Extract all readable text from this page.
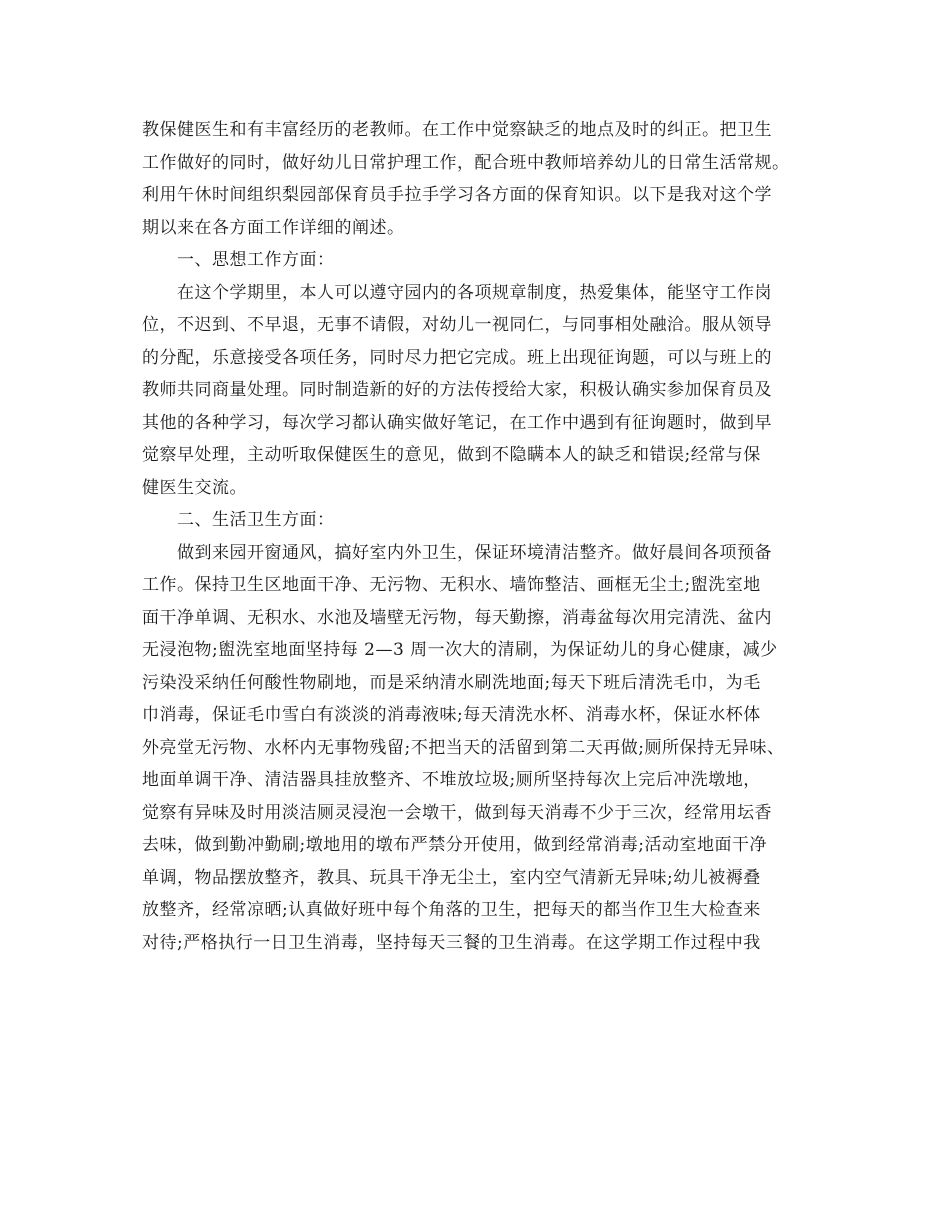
教保健医生和有丰富经历的老教师。在工作中觉察缺乏的地点及时的纠正。把卫生
工作做好的同时，做好幼儿日常护理工作，配合班中教师培养幼儿的日常生活常规。
利用午休时间组织梨园部保育员手拉手学习各方面的保育知识。以下是我对这个学
期以来在各方面工作详细的阐述。
一、思想工作方面：
在这个学期里，本人可以遵守园内的各项规章制度，热爱集体，能坚守工作岗
位，不迟到、不早退，无事不请假，对幼儿一视同仁，与同事相处融洽。服从领导
的分配，乐意接受各项任务，同时尽力把它完成。班上出现征询题，可以与班上的
教师共同商量处理。同时制造新的好的方法传授给大家，积极认确实参加保育员及
其他的各种学习，每次学习都认确实做好笔记，在工作中遇到有征询题时，做到早
觉察早处理，主动听取保健医生的意见，做到不隐瞒本人的缺乏和错误;经常与保
健医生交流。
二、生活卫生方面：
做到来园开窗通风，搞好室内外卫生，保证环境清洁整齐。做好晨间各项预备
工作。保持卫生区地面干净、无污物、无积水、墙饰整洁、画框无尘土;盥洗室地
面干净单调、无积水、水池及墙壁无污物，每天勤擦，消毒盆每次用完清洗、盆内
无浸泡物;盥洗室地面坚持每 2—3 周一次大的清刷，为保证幼儿的身心健康，减少
污染没采纳任何酸性物刷地，而是采纳清水刷洗地面;每天下班后清洗毛巾，为毛
巾消毒，保证毛巾雪白有淡淡的消毒液味;每天清洗水杯、消毒水杯，保证水杯体
外亮堂无污物、水杯内无事物残留;不把当天的活留到第二天再做;厕所保持无异味、
地面单调干净、清洁器具挂放整齐、不堆放垃圾;厕所坚持每次上完后冲洗墩地，
觉察有异味及时用淡洁厕灵浸泡一会墩干，做到每天消毒不少于三次，经常用坛香
去味，做到勤冲勤刷;墩地用的墩布严禁分开使用，做到经常消毒;活动室地面干净
单调，物品摆放整齐，教具、玩具干净无尘土，室内空气清新无异味;幼儿被褥叠
放整齐，经常凉晒;认真做好班中每个角落的卫生，把每天的都当作卫生大检查来
对待;严格执行一日卫生消毒，坚持每天三餐的卫生消毒。在这学期工作过程中我
